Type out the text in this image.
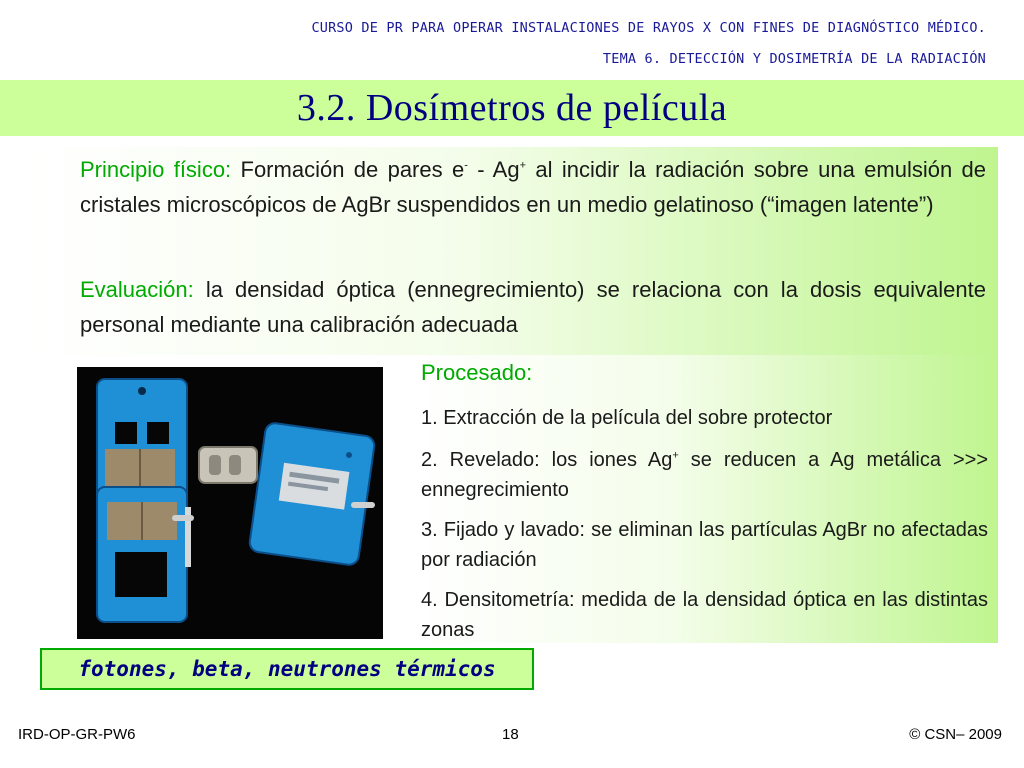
CURSO DE PR PARA OPERAR INSTALACIONES DE RAYOS X CON FINES DE DIAGNÓSTICO MÉDICO.
TEMA 6. DETECCIÓN Y DOSIMETRÍA DE LA RADIACIÓN
3.2. Dosímetros de película
Principio físico: Formación de pares e- - Ag+ al incidir la radiación sobre una emulsión de cristales microscópicos de AgBr suspendidos en un medio gelatinoso (“imagen latente”)
Evaluación: la densidad óptica (ennegrecimiento) se relaciona con la dosis equivalente personal mediante una calibración adecuada
Procesado:
1. Extracción de la película del sobre protector
2. Revelado: los iones Ag+ se reducen a Ag metálica >>> ennegrecimiento
3. Fijado y lavado: se eliminan las partículas AgBr no afectadas por radiación
4. Densitometría: medida de la densidad óptica en las distintas zonas
fotones, beta, neutrones térmicos
IRD-OP-GR-PW6	18	© CSN– 2009
